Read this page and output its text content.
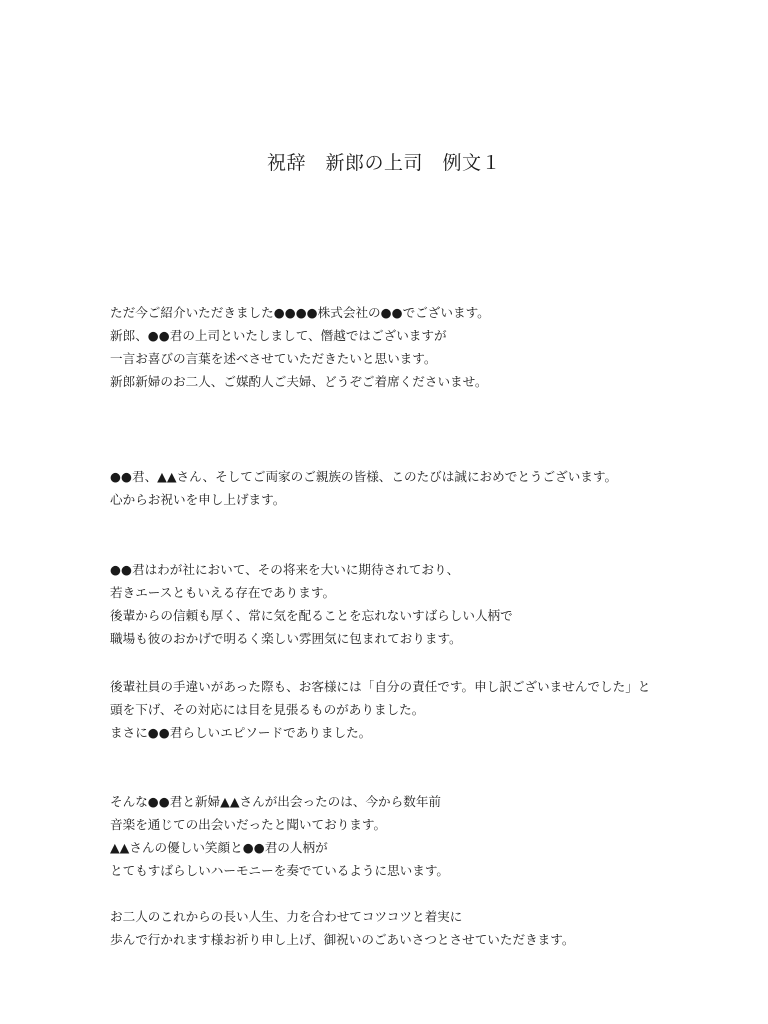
祝辞　新郎の上司　例文１
ただ今ご紹介いただきました●●●●株式会社の●●でございます。
新郎、●●君の上司といたしまして、僭越ではございますが
一言お喜びの言葉を述べさせていただきたいと思います。
新郎新婦のお二人、ご媒酌人ご夫婦、どうぞご着席くださいませ。
●●君、▲▲さん、そしてご両家のご親族の皆様、このたびは誠におめでとうございます。
心からお祝いを申し上げます。
●●君はわが社において、その将来を大いに期待されており、
若きエースともいえる存在であります。
後輩からの信頼も厚く、常に気を配ることを忘れないすばらしい人柄で
職場も彼のおかげで明るく楽しい雰囲気に包まれております。
後輩社員の手違いがあった際も、お客様には「自分の責任です。申し訳ございませんでした」と
頭を下げ、その対応には目を見張るものがありました。
まさに●●君らしいエピソードでありました。
そんな●●君と新婦▲▲さんが出会ったのは、今から数年前
音楽を通じての出会いだったと聞いております。
▲▲さんの優しい笑顔と●●君の人柄が
とてもすばらしいハーモニーを奏でているように思います。
お二人のこれからの長い人生、力を合わせてコツコツと着実に
歩んで行かれます様お祈り申し上げ、御祝いのごあいさつとさせていただきます。
